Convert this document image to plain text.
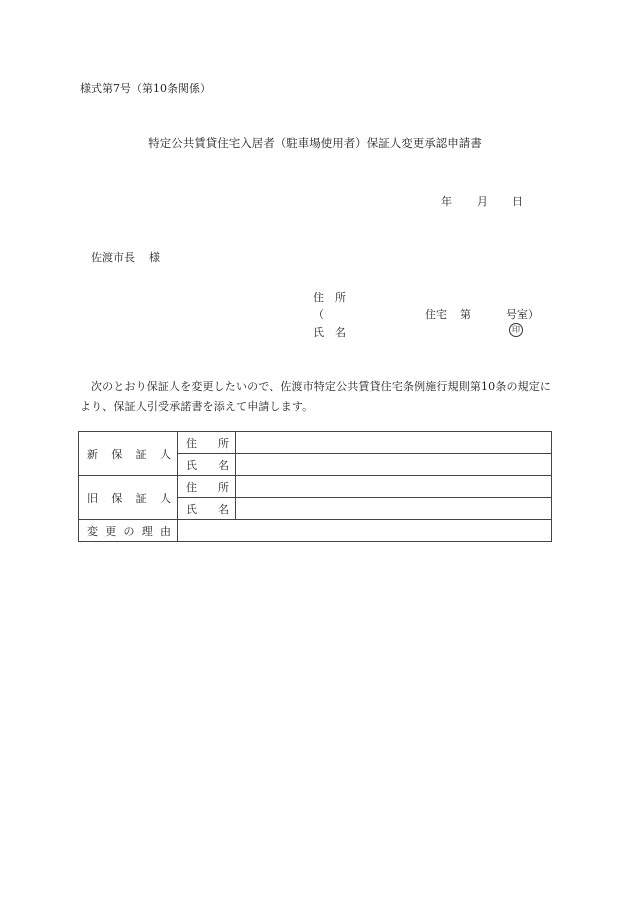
様式第7号（第10条関係）
特定公共賃貸住宅入居者（駐車場使用者）保証人変更承認申請書
年 月 日
佐渡市長 様
住 所
（	住宅 第	号室）
氏 名	印
次のとおり保証人を変更したいので、佐渡市特定公共賃貸住宅条例施行規則第10条の規定により、保証人引受承諾書を添えて申請します。
新 保 証 人	住 所	

	氏 名	

旧 保 証 人	住 所	

	氏 名	

変 更 の 理 由		
